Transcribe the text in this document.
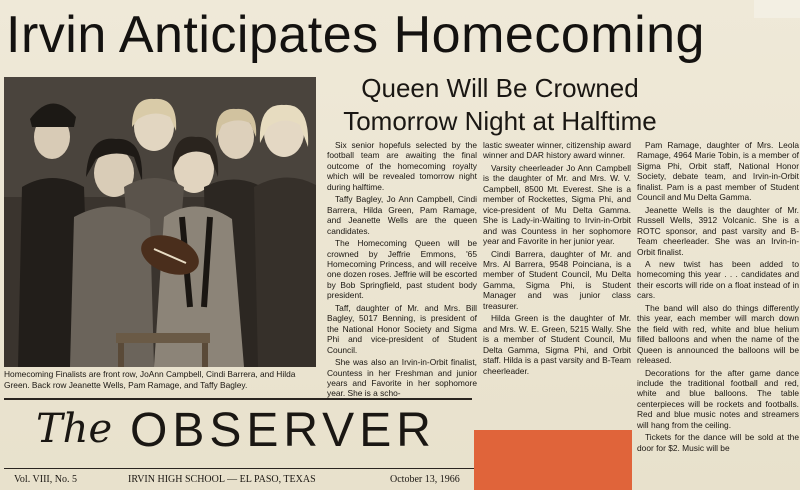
Irvin Anticipates Homecoming
Queen Will Be Crowned
Tomorrow Night at Halftime
Homecoming Finalists are front row, JoAnn Campbell, Cindi Barrera, and Hilda Green. Back row Jeanette Wells, Pam Ramage, and Taffy Bagley.

Six senior hopefuls selected by the football team are awaiting the final outcome of the homecoming royalty which will be revealed tomorrow night during halftime.

Taffy Bagley, Jo Ann Campbell, Cindi Barrera, Hilda Green, Pam Ramage, and Jeanette Wells are the queen candidates.

The Homecoming Queen will be crowned by Jeffrie Emmons, '65 Homecoming Princess, and will receive one dozen roses. Jeffrie will be escorted by Bob Springfield, past student body president.

Taff, daughter of Mr. and Mrs. Bill Bagley, 5017 Benning, is president of the National Honor Society and Sigma Phi and vice-president of Student Council.

She was also an Irvin-in-Orbit finalist, Countess in her Freshman and junior years and Favorite in her sophomore year. She is a scho-

lastic sweater winner, citizenship award winner and DAR history award winner.

Varsity cheerleader Jo Ann Campbell is the daughter of Mr. and Mrs. W. V. Campbell, 8500 Mt. Everest. She is a member of Rockettes, Sigma Phi, and vice-president of Mu Delta Gamma. She is Lady-in-Waiting to Irvin-in-Orbit and was Countess in her sophomore year and Favorite in her junior year.

Cindi Barrera, daughter of Mr. and Mrs. Al Barrera, 9548 Poinciana, is a member of Student Council, Mu Delta Gamma, Sigma Phi, is Student Manager and was junior class treasurer.

Hilda Green is the daughter of Mr. and Mrs. W. E. Green, 5215 Wally. She is a member of Student Council, Mu Delta Gamma, Sigma Phi, and Orbit staff. Hilda is a past varsity and B-Team cheerleader.

Pam Ramage, daughter of Mrs. Leola Ramage, 4964 Marie Tobin, is a member of Sigma Phi, Orbit staff, National Honor Society, debate team, and Irvin-in-Orbit finalist. Pam is a past member of Student Council and Mu Delta Gamma.

Jeanette Wells is the daughter of Mr. Russell Wells, 3912 Volcanic. She is a ROTC sponsor, and past varsity and B-Team cheerleader. She was an Irvin-in-Orbit finalist.

A new twist has been added to homecoming this year . . . candidates and their escorts will ride on a float instead of in cars.

The band will also do things differently this year, each member will march down the field with red, white and blue helium filled balloons and when the name of the Queen is announced the balloons will be released.

Decorations for the after game dance include the traditional football and red, white and blue balloons. The table centerpieces will be rockets and footballs. Red and blue music notes and streamers will hang from the ceiling.

Tickets for the dance will be sold at the door for $2. Music will be

The OBSERVER
Vol. VIII, No. 5	IRVIN HIGH SCHOOL — EL PASO, TEXAS	October 13, 1966
